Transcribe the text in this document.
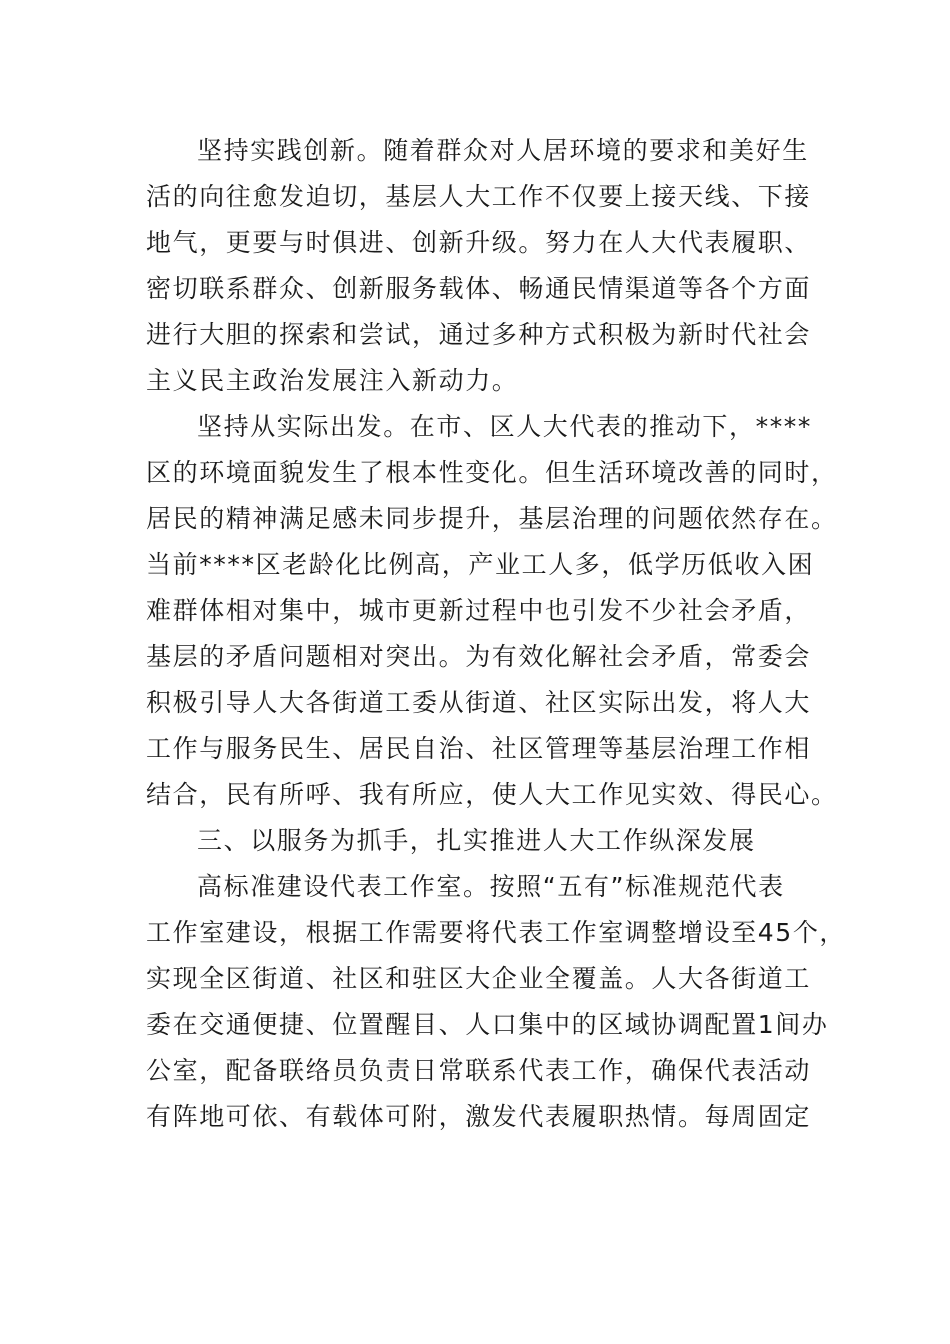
坚持实践创新。随着群众对人居环境的要求和美好生
活的向往愈发迫切，基层人大工作不仅要上接天线、下接
地气，更要与时俱进、创新升级。努力在人大代表履职、
密切联系群众、创新服务载体、畅通民情渠道等各个方面
进行大胆的探索和尝试，通过多种方式积极为新时代社会
主义民主政治发展注入新动力。
坚持从实际出发。在市、区人大代表的推动下，****
区的环境面貌发生了根本性变化。但生活环境改善的同时，
居民的精神满足感未同步提升，基层治理的问题依然存在。
当前****区老龄化比例高，产业工人多，低学历低收入困
难群体相对集中，城市更新过程中也引发不少社会矛盾，
基层的矛盾问题相对突出。为有效化解社会矛盾，常委会
积极引导人大各街道工委从街道、社区实际出发，将人大
工作与服务民生、居民自治、社区管理等基层治理工作相
结合，民有所呼、我有所应，使人大工作见实效、得民心。
三、以服务为抓手，扎实推进人大工作纵深发展
高标准建设代表工作室。按照“五有”标准规范代表
工作室建设，根据工作需要将代表工作室调整增设至45个，
实现全区街道、社区和驻区大企业全覆盖。人大各街道工
委在交通便捷、位置醒目、人口集中的区域协调配置1间办
公室，配备联络员负责日常联系代表工作，确保代表活动
有阵地可依、有载体可附，激发代表履职热情。每周固定
